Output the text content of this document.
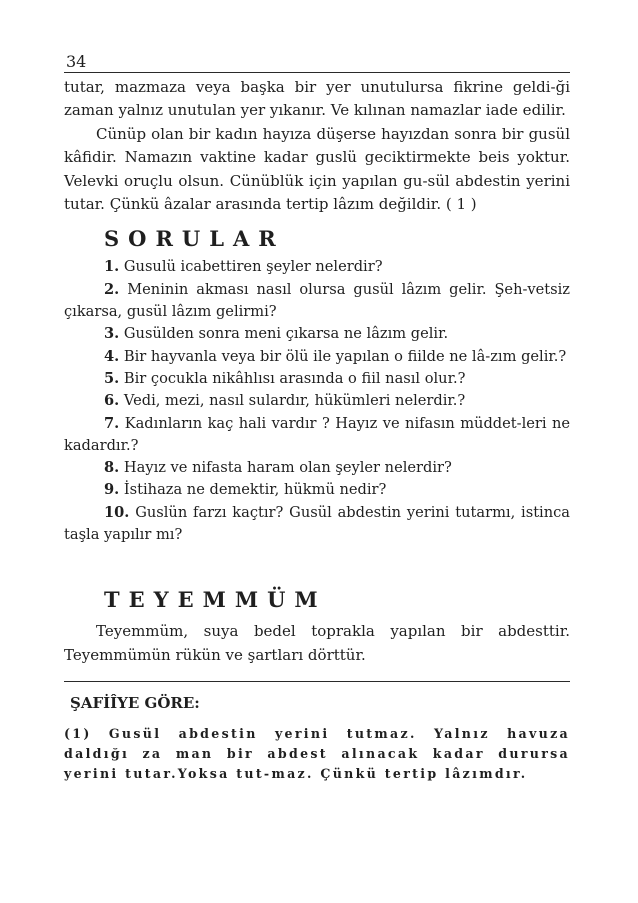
34

tutar, mazmaza veya başka bir yer unutulursa fikrine geldi-ği zaman yalnız unutulan yer yıkanır. Ve kılınan namazlar iade edilir.

Cünüp olan bir kadın hayıza düşerse hayızdan sonra bir gusül kâfidir. Namazın vaktine kadar guslü geciktirmekte beis yoktur. Velevki oruçlu olsun. Cünüblük için yapılan gu-sül abdestin yerini tutar. Çünkü âzalar arasında tertip lâzım değildir. ( 1 )

SORULAR

1. Gusulü icabettiren şeyler nelerdir?

2. Meninin akması nasıl olursa gusül lâzım gelir. Şeh-vetsiz çıkarsa, gusül lâzım gelirmi?

3. Gusülden sonra meni çıkarsa ne lâzım gelir.

4. Bir hayvanla veya bir ölü ile yapılan o fiilde ne lâ-zım gelir.?

5. Bir çocukla nikâhlısı arasında o fiil nasıl olur.?

6. Vedi, mezi, nasıl sulardır, hükümleri nelerdir.?

7. Kadınların kaç hali vardır ? Hayız ve nifasın müddet-leri ne kadardır.?

8. Hayız ve nifasta haram olan şeyler nelerdir?

9. İstihaza ne demektir, hükmü nedir?

10. Guslün farzı kaçtır? Gusül abdestin yerini tutarmı, istinca taşla yapılır mı?

TEYEMMÜM

Teyemmüm, suya bedel toprakla yapılan bir abdesttir. Teyemmümün rükün ve şartları dörttür.

ŞAFİÎYE GÖRE:

(1) Gusül abdestin yerini tutmaz. Yalnız havuza daldığı za man bir abdest alınacak kadar durursa yerini tutar.Yoksa tut-maz. Çünkü tertip lâzımdır.
